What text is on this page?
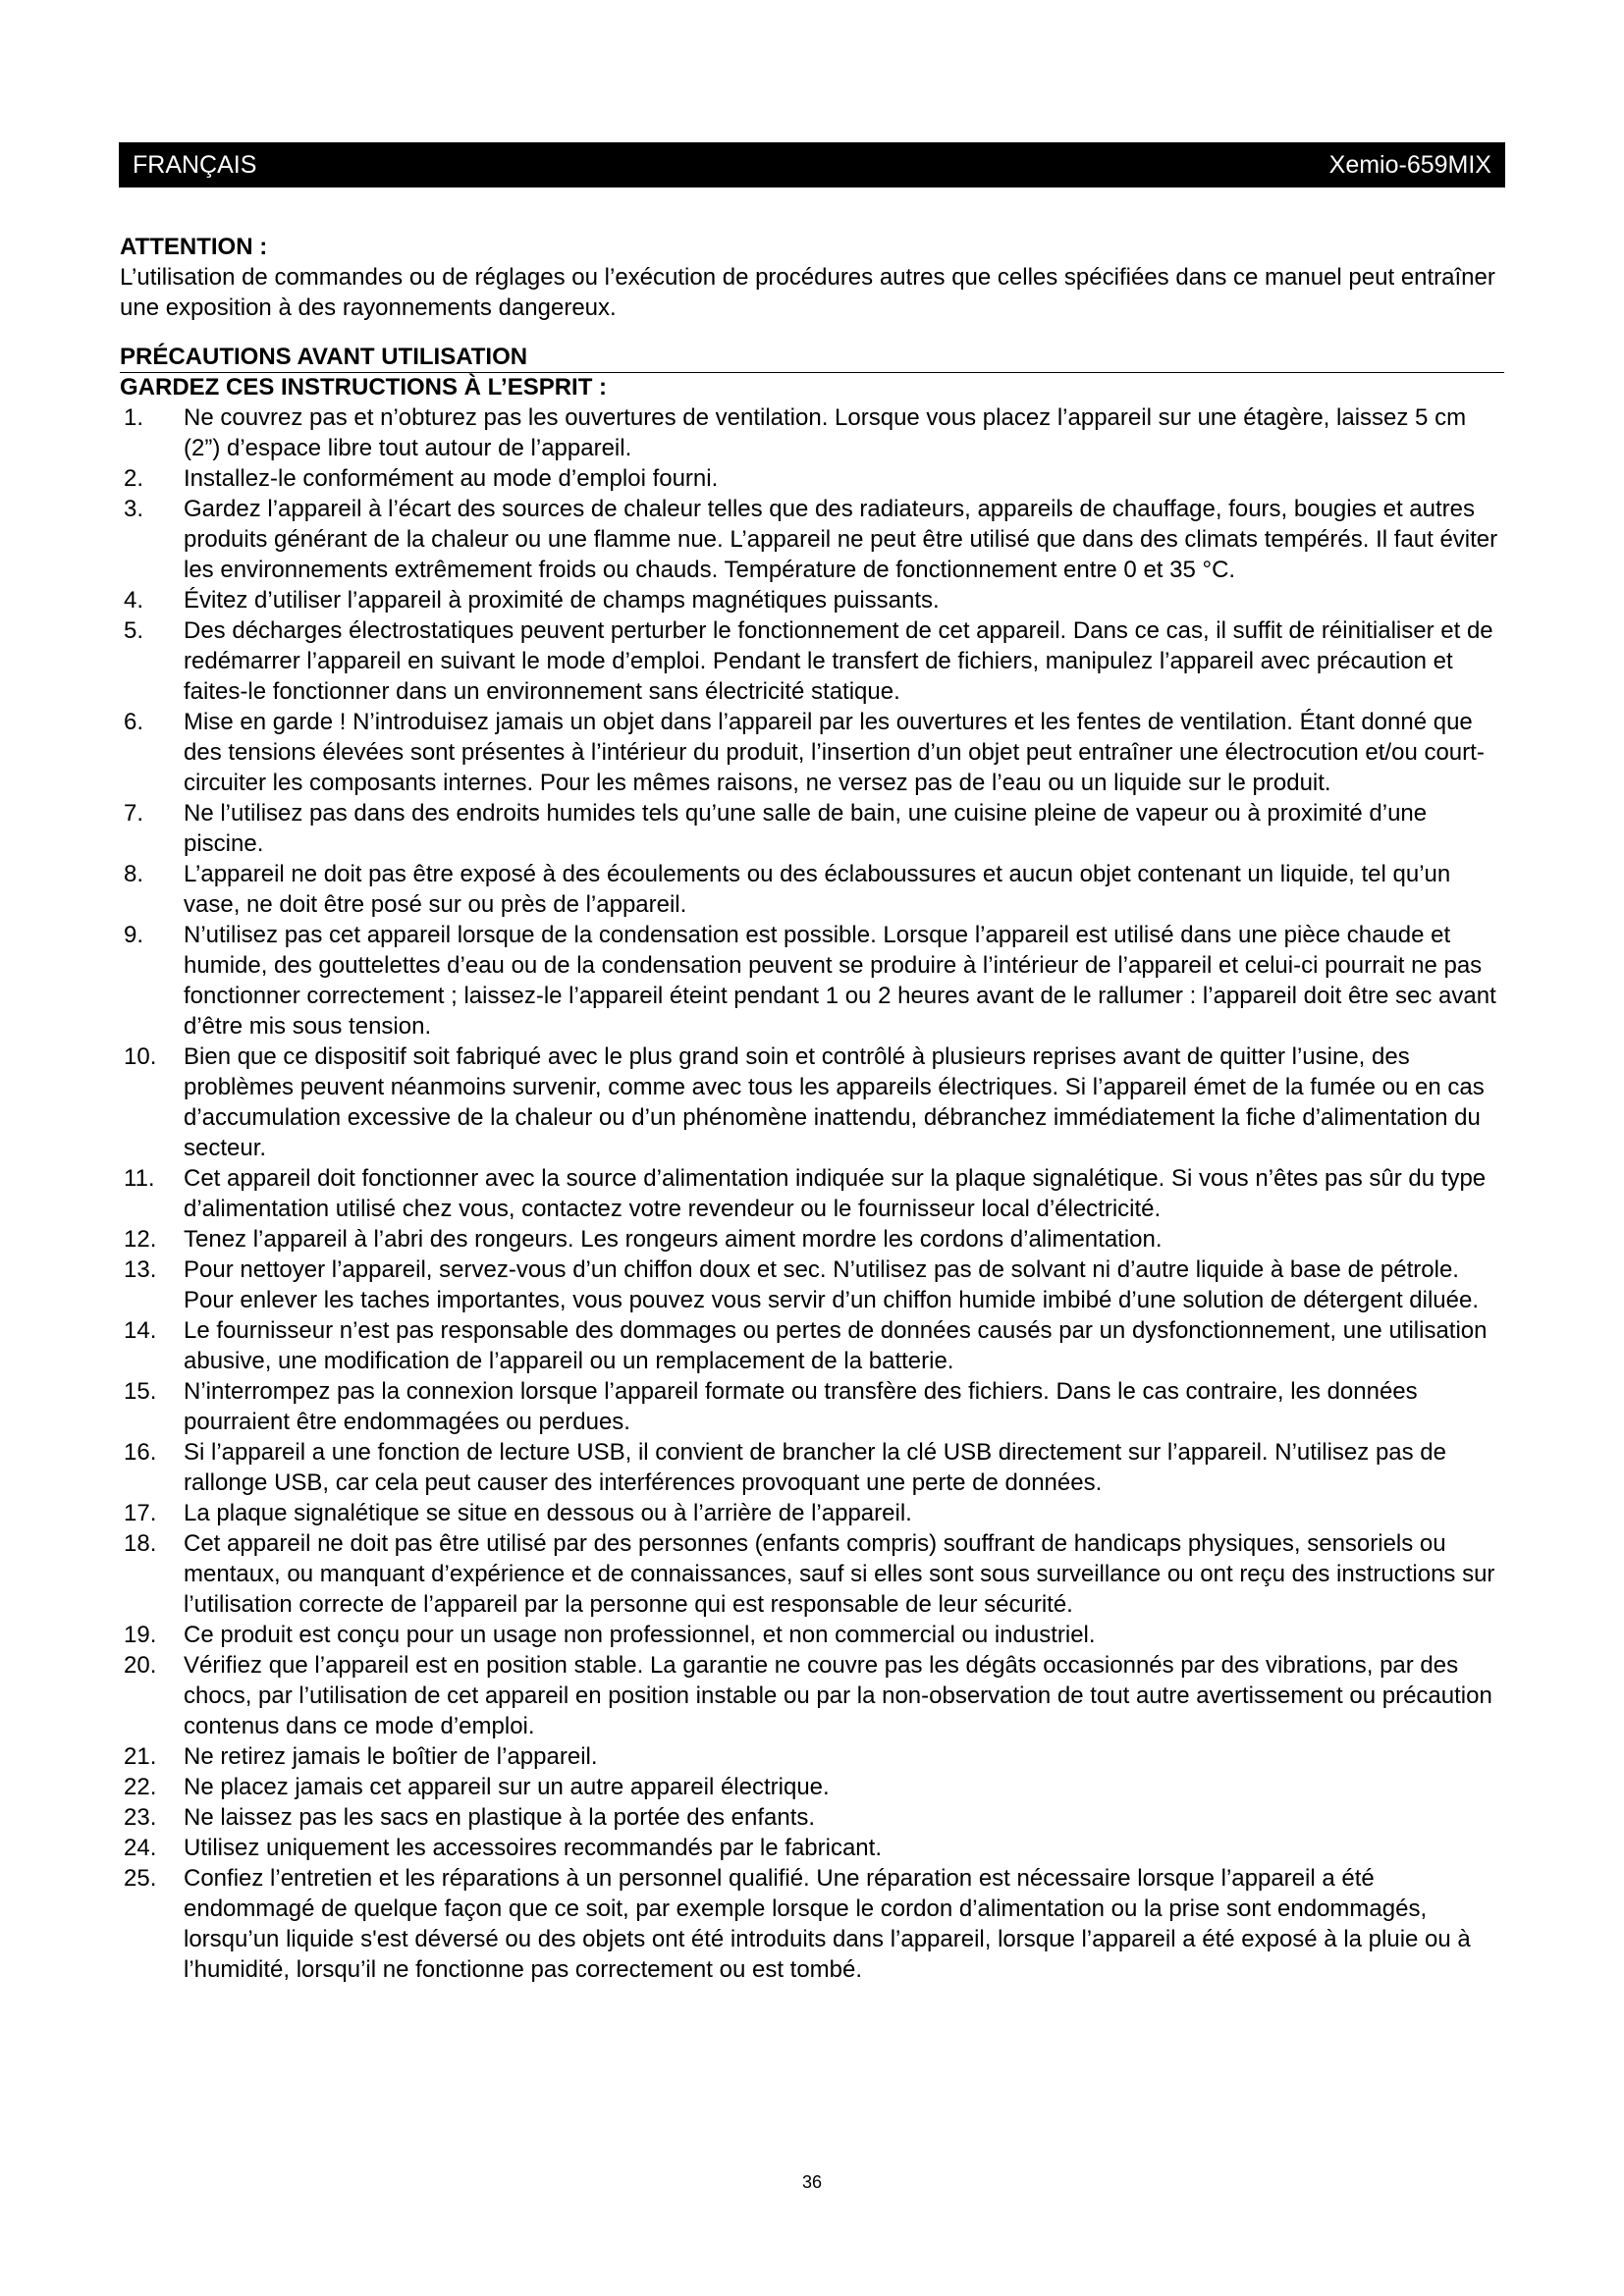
FRANÇAIS	Xemio-659MIX
ATTENTION :

L’utilisation de commandes ou de réglages ou l’exécution de procédures autres que celles spécifiées dans ce manuel peut entraîner une exposition à des rayonnements dangereux.

PRÉCAUTIONS AVANT UTILISATION
GARDEZ CES INSTRUCTIONS À L’ESPRIT :
1. Ne couvrez pas et n’obturez pas les ouvertures de ventilation. Lorsque vous placez l’appareil sur une étagère, laissez 5 cm (2”) d’espace libre tout autour de l’appareil.
2. Installez-le conformément au mode d’emploi fourni.
3. Gardez l’appareil à l’écart des sources de chaleur telles que des radiateurs, appareils de chauffage, fours, bougies et autres produits générant de la chaleur ou une flamme nue. L’appareil ne peut être utilisé que dans des climats tempérés. Il faut éviter les environnements extrêmement froids ou chauds. Température de fonctionnement entre 0 et 35 °C.
4. Évitez d’utiliser l’appareil à proximité de champs magnétiques puissants.
5. Des décharges électrostatiques peuvent perturber le fonctionnement de cet appareil. Dans ce cas, il suffit de réinitialiser et de redémarrer l’appareil en suivant le mode d’emploi. Pendant le transfert de fichiers, manipulez l’appareil avec précaution et faites-le fonctionner dans un environnement sans électricité statique.
6. Mise en garde ! N’introduisez jamais un objet dans l’appareil par les ouvertures et les fentes de ventilation. Étant donné que des tensions élevées sont présentes à l’intérieur du produit, l’insertion d’un objet peut entraîner une électrocution et/ou court-circuiter les composants internes. Pour les mêmes raisons, ne versez pas de l’eau ou un liquide sur le produit.
7. Ne l’utilisez pas dans des endroits humides tels qu’une salle de bain, une cuisine pleine de vapeur ou à proximité d’une piscine.
8. L’appareil ne doit pas être exposé à des écoulements ou des éclaboussures et aucun objet contenant un liquide, tel qu’un vase, ne doit être posé sur ou près de l’appareil.
9. N’utilisez pas cet appareil lorsque de la condensation est possible. Lorsque l’appareil est utilisé dans une pièce chaude et humide, des gouttelettes d’eau ou de la condensation peuvent se produire à l’intérieur de l’appareil et celui-ci pourrait ne pas fonctionner correctement ; laissez-le l’appareil éteint pendant 1 ou 2 heures avant de le rallumer : l’appareil doit être sec avant d’être mis sous tension.
10. Bien que ce dispositif soit fabriqué avec le plus grand soin et contrôlé à plusieurs reprises avant de quitter l’usine, des problèmes peuvent néanmoins survenir, comme avec tous les appareils électriques. Si l’appareil émet de la fumée ou en cas d’accumulation excessive de la chaleur ou d’un phénomène inattendu, débranchez immédiatement la fiche d’alimentation du secteur.
11. Cet appareil doit fonctionner avec la source d’alimentation indiquée sur la plaque signalétique. Si vous n’êtes pas sûr du type d’alimentation utilisé chez vous, contactez votre revendeur ou le fournisseur local d’électricité.
12. Tenez l’appareil à l’abri des rongeurs. Les rongeurs aiment mordre les cordons d’alimentation.
13. Pour nettoyer l’appareil, servez-vous d’un chiffon doux et sec. N’utilisez pas de solvant ni d’autre liquide à base de pétrole. Pour enlever les taches importantes, vous pouvez vous servir d’un chiffon humide imbibé d’une solution de détergent diluée.
14. Le fournisseur n’est pas responsable des dommages ou pertes de données causés par un dysfonctionnement, une utilisation abusive, une modification de l’appareil ou un remplacement de la batterie.
15. N’interrompez pas la connexion lorsque l’appareil formate ou transfère des fichiers. Dans le cas contraire, les données pourraient être endommagées ou perdues.
16. Si l’appareil a une fonction de lecture USB, il convient de brancher la clé USB directement sur l’appareil. N’utilisez pas de rallonge USB, car cela peut causer des interférences provoquant une perte de données.
17. La plaque signalétique se situe en dessous ou à l’arrière de l’appareil.
18. Cet appareil ne doit pas être utilisé par des personnes (enfants compris) souffrant de handicaps physiques, sensoriels ou mentaux, ou manquant d’expérience et de connaissances, sauf si elles sont sous surveillance ou ont reçu des instructions sur l’utilisation correcte de l’appareil par la personne qui est responsable de leur sécurité.
19. Ce produit est conçu pour un usage non professionnel, et non commercial ou industriel.
20. Vérifiez que l’appareil est en position stable. La garantie ne couvre pas les dégâts occasionnés par des vibrations, par des chocs, par l’utilisation de cet appareil en position instable ou par la non-observation de tout autre avertissement ou précaution contenus dans ce mode d’emploi.
21. Ne retirez jamais le boîtier de l’appareil.
22. Ne placez jamais cet appareil sur un autre appareil électrique.
23. Ne laissez pas les sacs en plastique à la portée des enfants.
24. Utilisez uniquement les accessoires recommandés par le fabricant.
25. Confiez l’entretien et les réparations à un personnel qualifié. Une réparation est nécessaire lorsque l’appareil a été endommagé de quelque façon que ce soit, par exemple lorsque le cordon d’alimentation ou la prise sont endommagés, lorsqu’un liquide s'est déversé ou des objets ont été introduits dans l’appareil, lorsque l’appareil a été exposé à la pluie ou à l’humidité, lorsqu’il ne fonctionne pas correctement ou est tombé.
36
